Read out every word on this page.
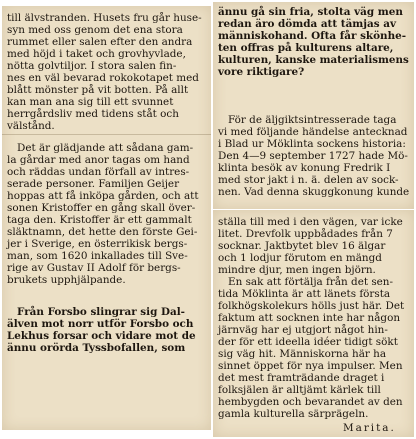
till älvstranden. Husets fru går huse-
syn med oss genom det ena stora
rummet eller salen efter den andra
med höjd i taket och grovhyvlade,
nötta golvtiljor. I stora salen fin-
nes en väl bevarad rokokotapet med
blått mönster på vit botten. På allt
kan man ana sig till ett svunnet
herrgårdsliv med tidens ståt och
välstånd.
Det är glädjande att sådana gam-
la gårdar med anor tagas om hand
och räddas undan förfall av intres-
serade personer. Familjen Geijer
hoppas att få inköpa gården, och att
sonen Kristoffer en gång skall över-
taga den. Kristoffer är ett gammalt
släktnamn, det hette den förste Gei-
jer i Sverige, en österrikisk bergs-
man, som 1620 inkallades till Sve-
rige av Gustav II Adolf för bergs-
brukets upphjälpande.
Från Forsbo slingrar sig Dal-
älven mot norr utför Forsbo och
Lekhus forsar och vidare mot de
ännu orörda Tyssbofallen, som
ännu gå sin fria, stolta väg men
redan äro dömda att tämjas av
människohand. Ofta får skönhe-
ten offras på kulturens altare,
kulturen, kanske materialismens
vore riktigare?
För de äljgiktsintresserade taga
vi med följande händelse antecknad
i Blad ur Möklinta sockens historia:
Den 4—9 september 1727 hade Mö-
klinta besök av konung Fredrik I
med stor jakt i n. ä. delen av sock-
nen. Vad denna skuggkonung kunde
ställa till med i den vägen, var icke
litet. Drevfolk uppbådades från 7
socknar. Jaktbytet blev 16 älgar
och 1 lodjur förutom en mängd
mindre djur, men ingen björn.
En sak att förtälja från det sen-
tida Möklinta är att länets första
folkhögskolekurs hölls just här. Det
faktum att socknen inte har någon
järnväg har ej utgjort något hin-
der för ett ideella idéer tidigt sökt
sig väg hit. Människorna här ha
sinnet öppet för nya impulser. Men
det mest framträdande draget i
folksjälen är alltjämt kärlek till
hembygden och bevarandet av den
gamla kulturella särprägeln.
Marita.
